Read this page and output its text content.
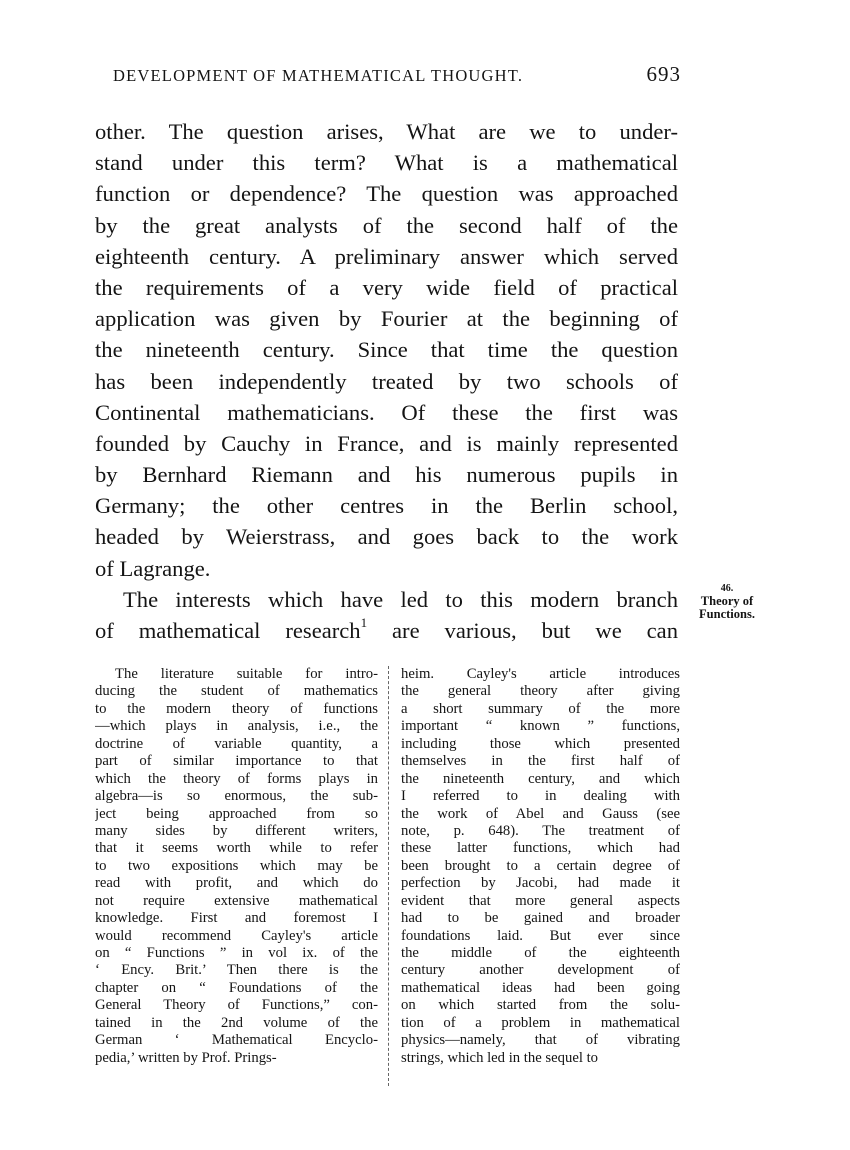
DEVELOPMENT OF MATHEMATICAL THOUGHT.	693
other. The question arises, What are we to under-
stand under this term? What is a mathematical
function or dependence? The question was approached
by the great analysts of the second half of the
eighteenth century. A preliminary answer which served
the requirements of a very wide field of practical
application was given by Fourier at the beginning of
the nineteenth century. Since that time the question
has been independently treated by two schools of
Continental mathematicians. Of these the first was
founded by Cauchy in France, and is mainly represented
by Bernhard Riemann and his numerous pupils in
Germany; the other centres in the Berlin school,
headed by Weierstrass, and goes back to the work
of Lagrange.
The interests which have led to this modern branch
of mathematical research$^1$ are various, but we can
46.
Theory of
Functions.
The literature suitable for intro-
ducing the student of mathematics
to the modern theory of functions
—which plays in analysis, i.e., the
doctrine of variable quantity, a
part of similar importance to that
which the theory of forms plays in
algebra—is so enormous, the sub-
ject being approached from so
many sides by different writers,
that it seems worth while to refer
to two expositions which may be
read with profit, and which do
not require extensive mathematical
knowledge. First and foremost I
would recommend Cayley's article
on “ Functions ” in vol ix. of the
‘ Ency. Brit.’ Then there is the
chapter on “ Foundations of the
General Theory of Functions,” con-
tained in the 2nd volume of the
German ‘ Mathematical Encyclo-
pedia,’ written by Prof. Prings-
heim. Cayley's article introduces
the general theory after giving
a short summary of the more
important “ known ” functions,
including those which presented
themselves in the first half of
the nineteenth century, and which
I referred to in dealing with
the work of Abel and Gauss (see
note, p. 648). The treatment of
these latter functions, which had
been brought to a certain degree of
perfection by Jacobi, had made it
evident that more general aspects
had to be gained and broader
foundations laid. But ever since
the middle of the eighteenth
century another development of
mathematical ideas had been going
on which started from the solu-
tion of a problem in mathematical
physics—namely, that of vibrating
strings, which led in the sequel to
